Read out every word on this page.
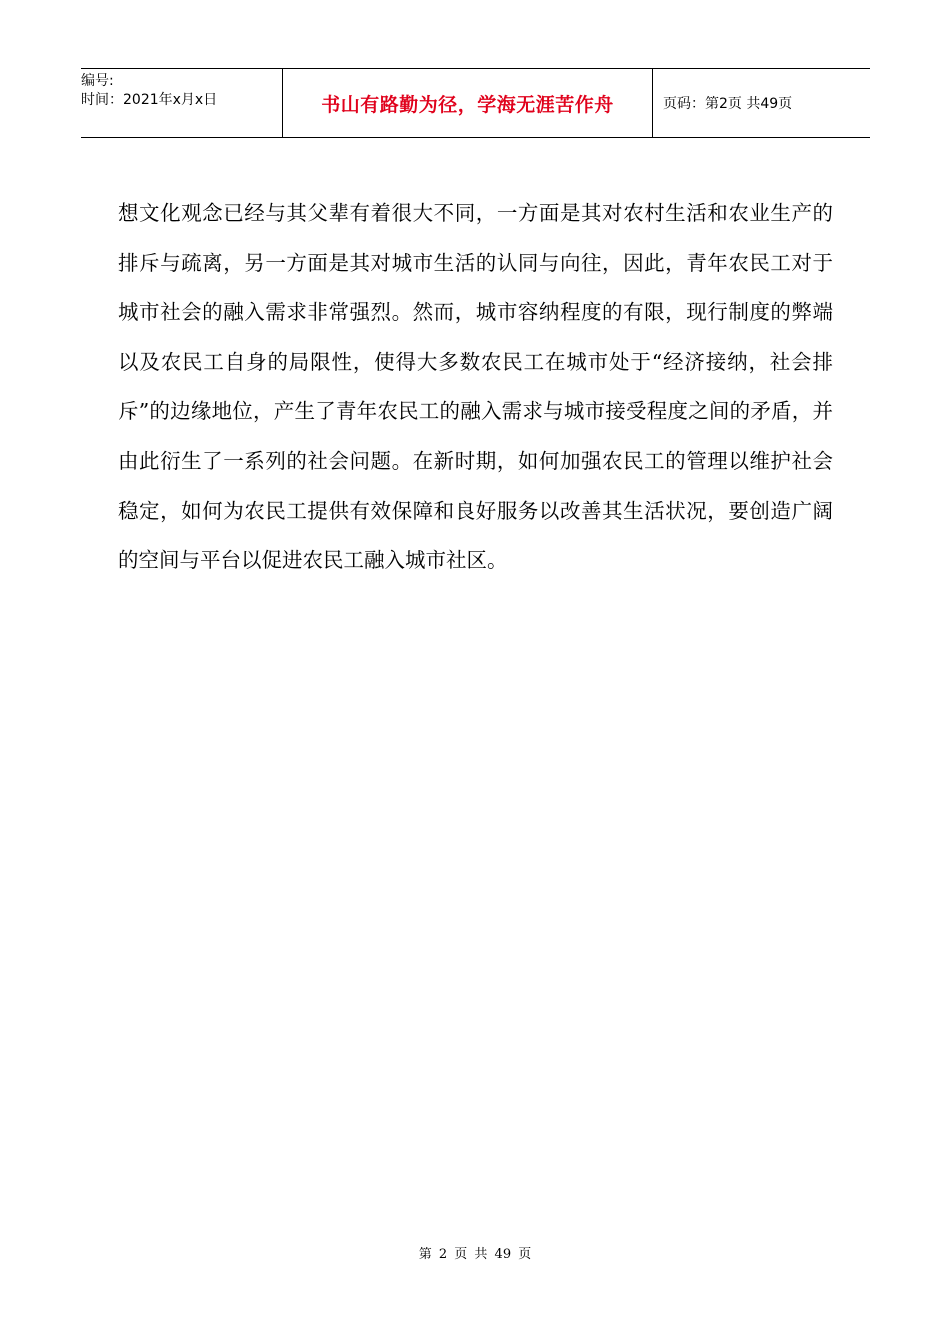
编号:
时间：2021年x月x日	书山有路勤为径，学海无涯苦作舟	页码：第2页 共49页

想文化观念已经与其父辈有着很大不同，一方面是其对农村生活和农业生产的排斥与疏离，另一方面是其对城市生活的认同与向往，因此，青年农民工对于城市社会的融入需求非常强烈。然而，城市容纳程度的有限，现行制度的弊端以及农民工自身的局限性，使得大多数农民工在城市处于“经济接纳，社会排斥”的边缘地位，产生了青年农民工的融入需求与城市接受程度之间的矛盾，并由此衍生了一系列的社会问题。在新时期，如何加强农民工的管理以维护社会稳定，如何为农民工提供有效保障和良好服务以改善其生活状况，要创造广阔的空间与平台以促进农民工融入城市社区。

第 2 页 共 49 页
